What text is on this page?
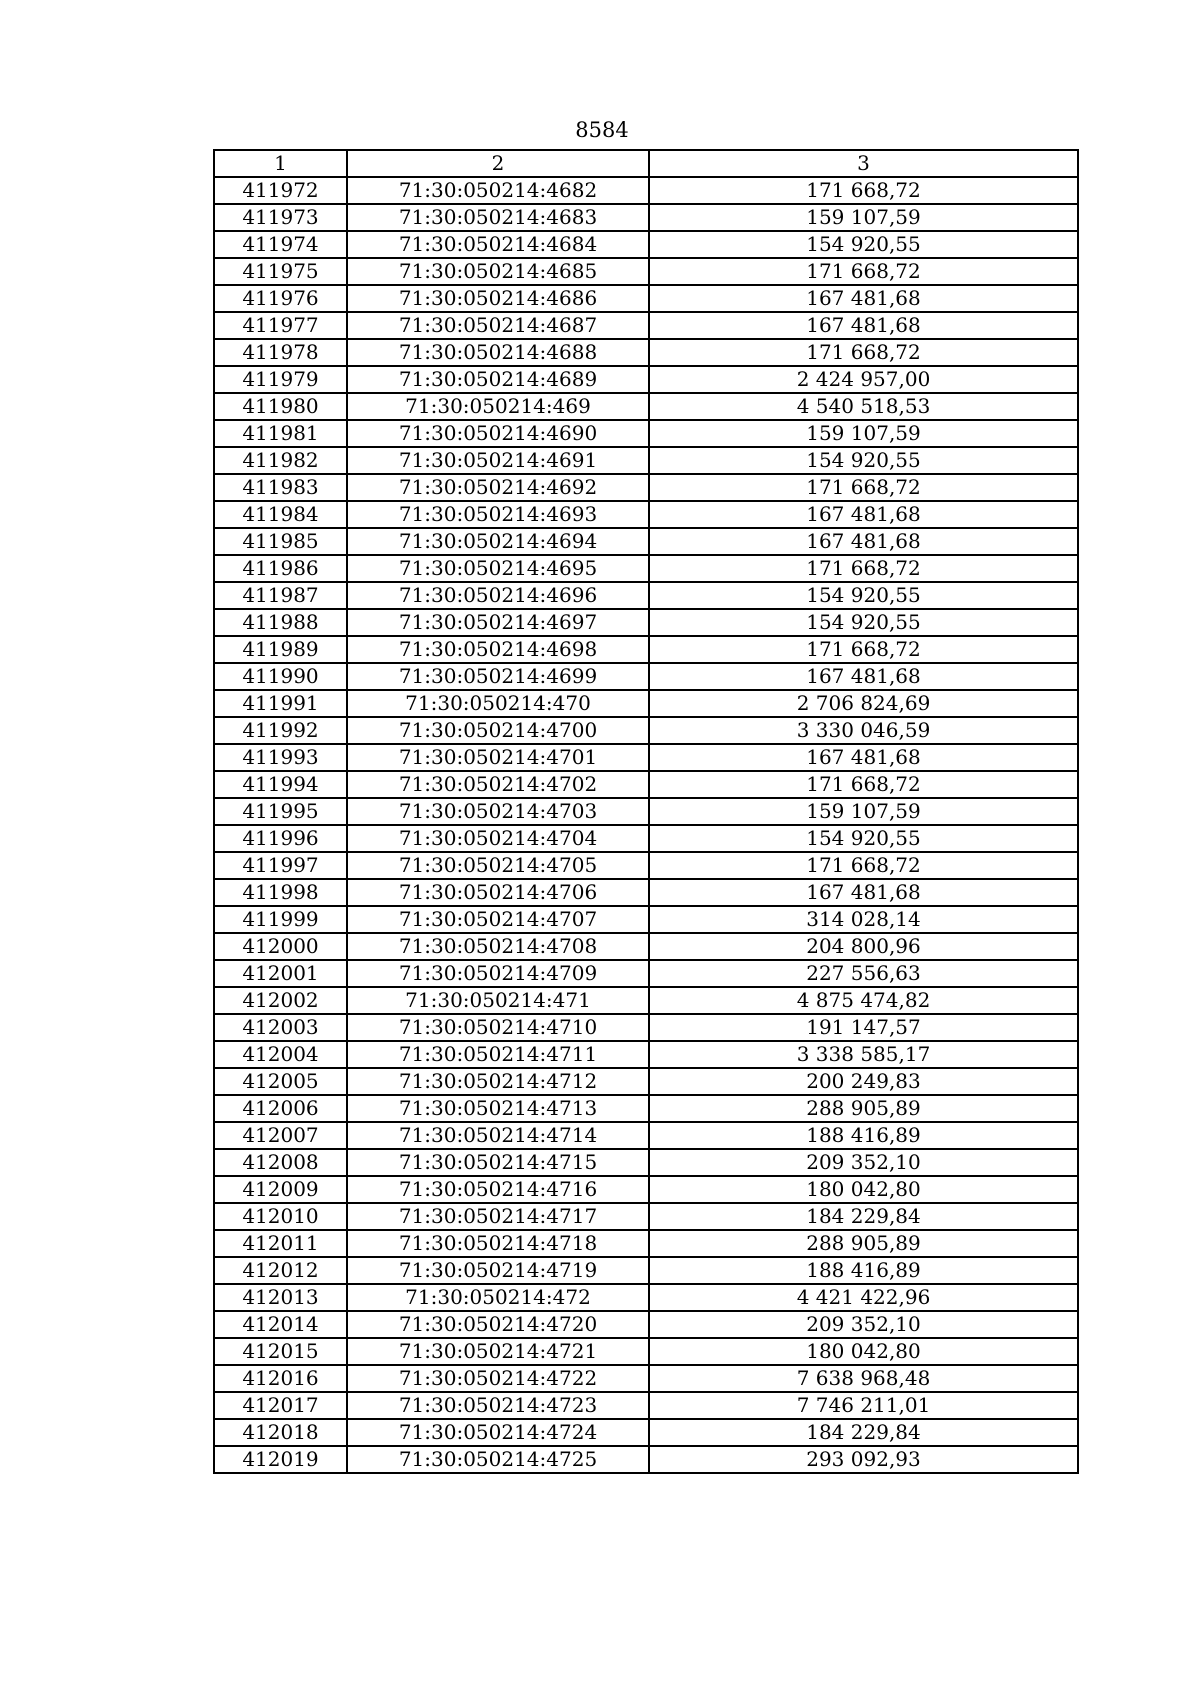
8584
1	2	3
411972	71:30:050214:4682	171 668,72
411973	71:30:050214:4683	159 107,59
411974	71:30:050214:4684	154 920,55
411975	71:30:050214:4685	171 668,72
411976	71:30:050214:4686	167 481,68
411977	71:30:050214:4687	167 481,68
411978	71:30:050214:4688	171 668,72
411979	71:30:050214:4689	2 424 957,00
411980	71:30:050214:469	4 540 518,53
411981	71:30:050214:4690	159 107,59
411982	71:30:050214:4691	154 920,55
411983	71:30:050214:4692	171 668,72
411984	71:30:050214:4693	167 481,68
411985	71:30:050214:4694	167 481,68
411986	71:30:050214:4695	171 668,72
411987	71:30:050214:4696	154 920,55
411988	71:30:050214:4697	154 920,55
411989	71:30:050214:4698	171 668,72
411990	71:30:050214:4699	167 481,68
411991	71:30:050214:470	2 706 824,69
411992	71:30:050214:4700	3 330 046,59
411993	71:30:050214:4701	167 481,68
411994	71:30:050214:4702	171 668,72
411995	71:30:050214:4703	159 107,59
411996	71:30:050214:4704	154 920,55
411997	71:30:050214:4705	171 668,72
411998	71:30:050214:4706	167 481,68
411999	71:30:050214:4707	314 028,14
412000	71:30:050214:4708	204 800,96
412001	71:30:050214:4709	227 556,63
412002	71:30:050214:471	4 875 474,82
412003	71:30:050214:4710	191 147,57
412004	71:30:050214:4711	3 338 585,17
412005	71:30:050214:4712	200 249,83
412006	71:30:050214:4713	288 905,89
412007	71:30:050214:4714	188 416,89
412008	71:30:050214:4715	209 352,10
412009	71:30:050214:4716	180 042,80
412010	71:30:050214:4717	184 229,84
412011	71:30:050214:4718	288 905,89
412012	71:30:050214:4719	188 416,89
412013	71:30:050214:472	4 421 422,96
412014	71:30:050214:4720	209 352,10
412015	71:30:050214:4721	180 042,80
412016	71:30:050214:4722	7 638 968,48
412017	71:30:050214:4723	7 746 211,01
412018	71:30:050214:4724	184 229,84
412019	71:30:050214:4725	293 092,93
